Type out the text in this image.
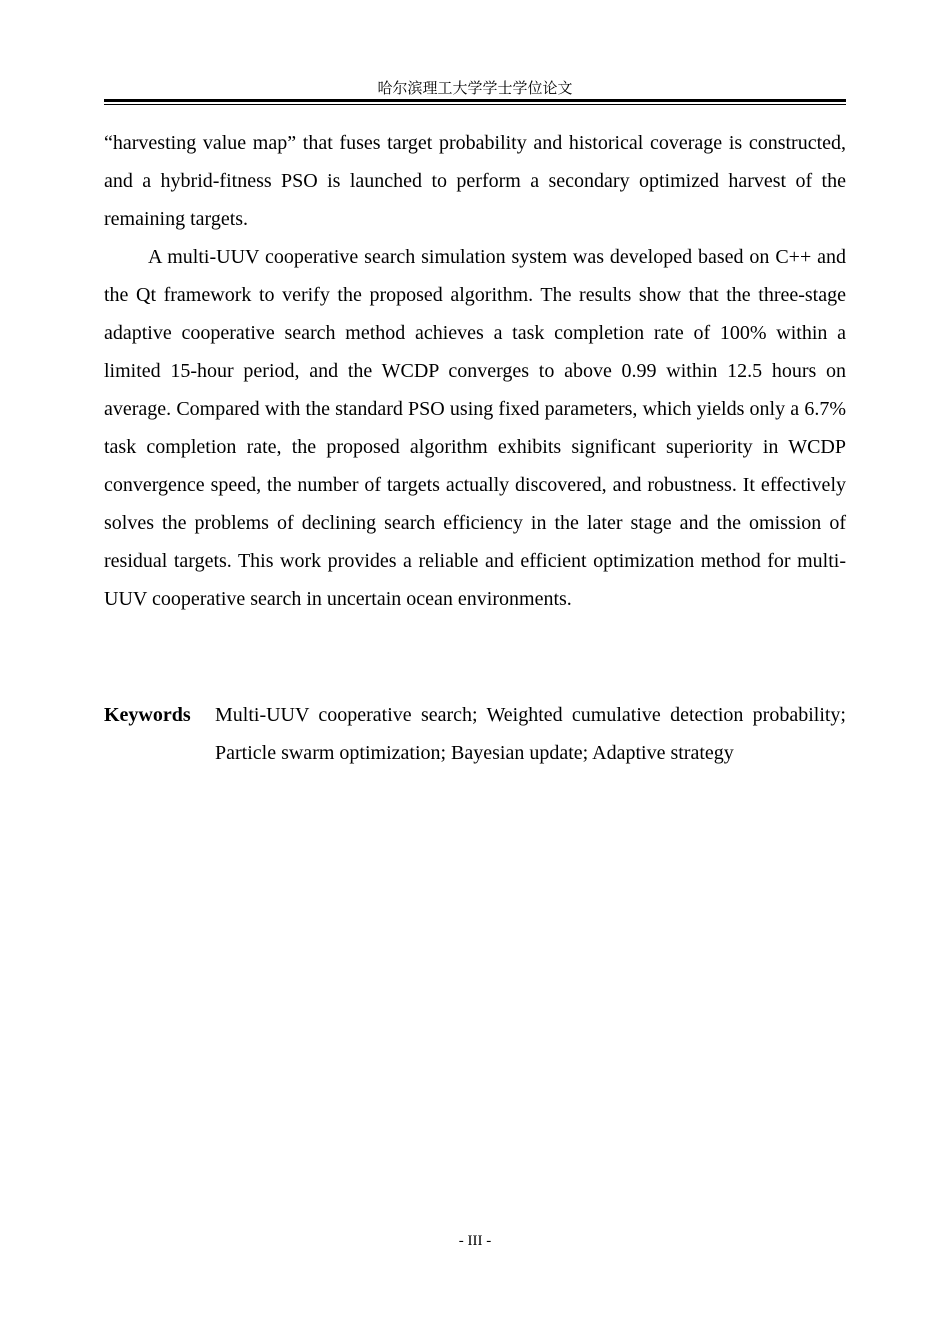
哈尔滨理工大学学士学位论文

“harvesting value map” that fuses target probability and historical coverage is constructed, and a hybrid-fitness PSO is launched to perform a secondary optimized harvest of the remaining targets.

A multi-UUV cooperative search simulation system was developed based on C++ and the Qt framework to verify the proposed algorithm. The results show that the three-stage adaptive cooperative search method achieves a task completion rate of 100% within a limited 15-hour period, and the WCDP converges to above 0.99 within 12.5 hours on average. Compared with the standard PSO using fixed parameters, which yields only a 6.7% task completion rate, the proposed algorithm exhibits significant superiority in WCDP convergence speed, the number of targets actually discovered, and robustness. It effectively solves the problems of declining search efficiency in the later stage and the omission of residual targets. This work provides a reliable and efficient optimization method for multi-UUV cooperative search in uncertain ocean environments.

Keywords Multi-UUV cooperative search; Weighted cumulative detection probability; Particle swarm optimization; Bayesian update; Adaptive strategy
- III -
